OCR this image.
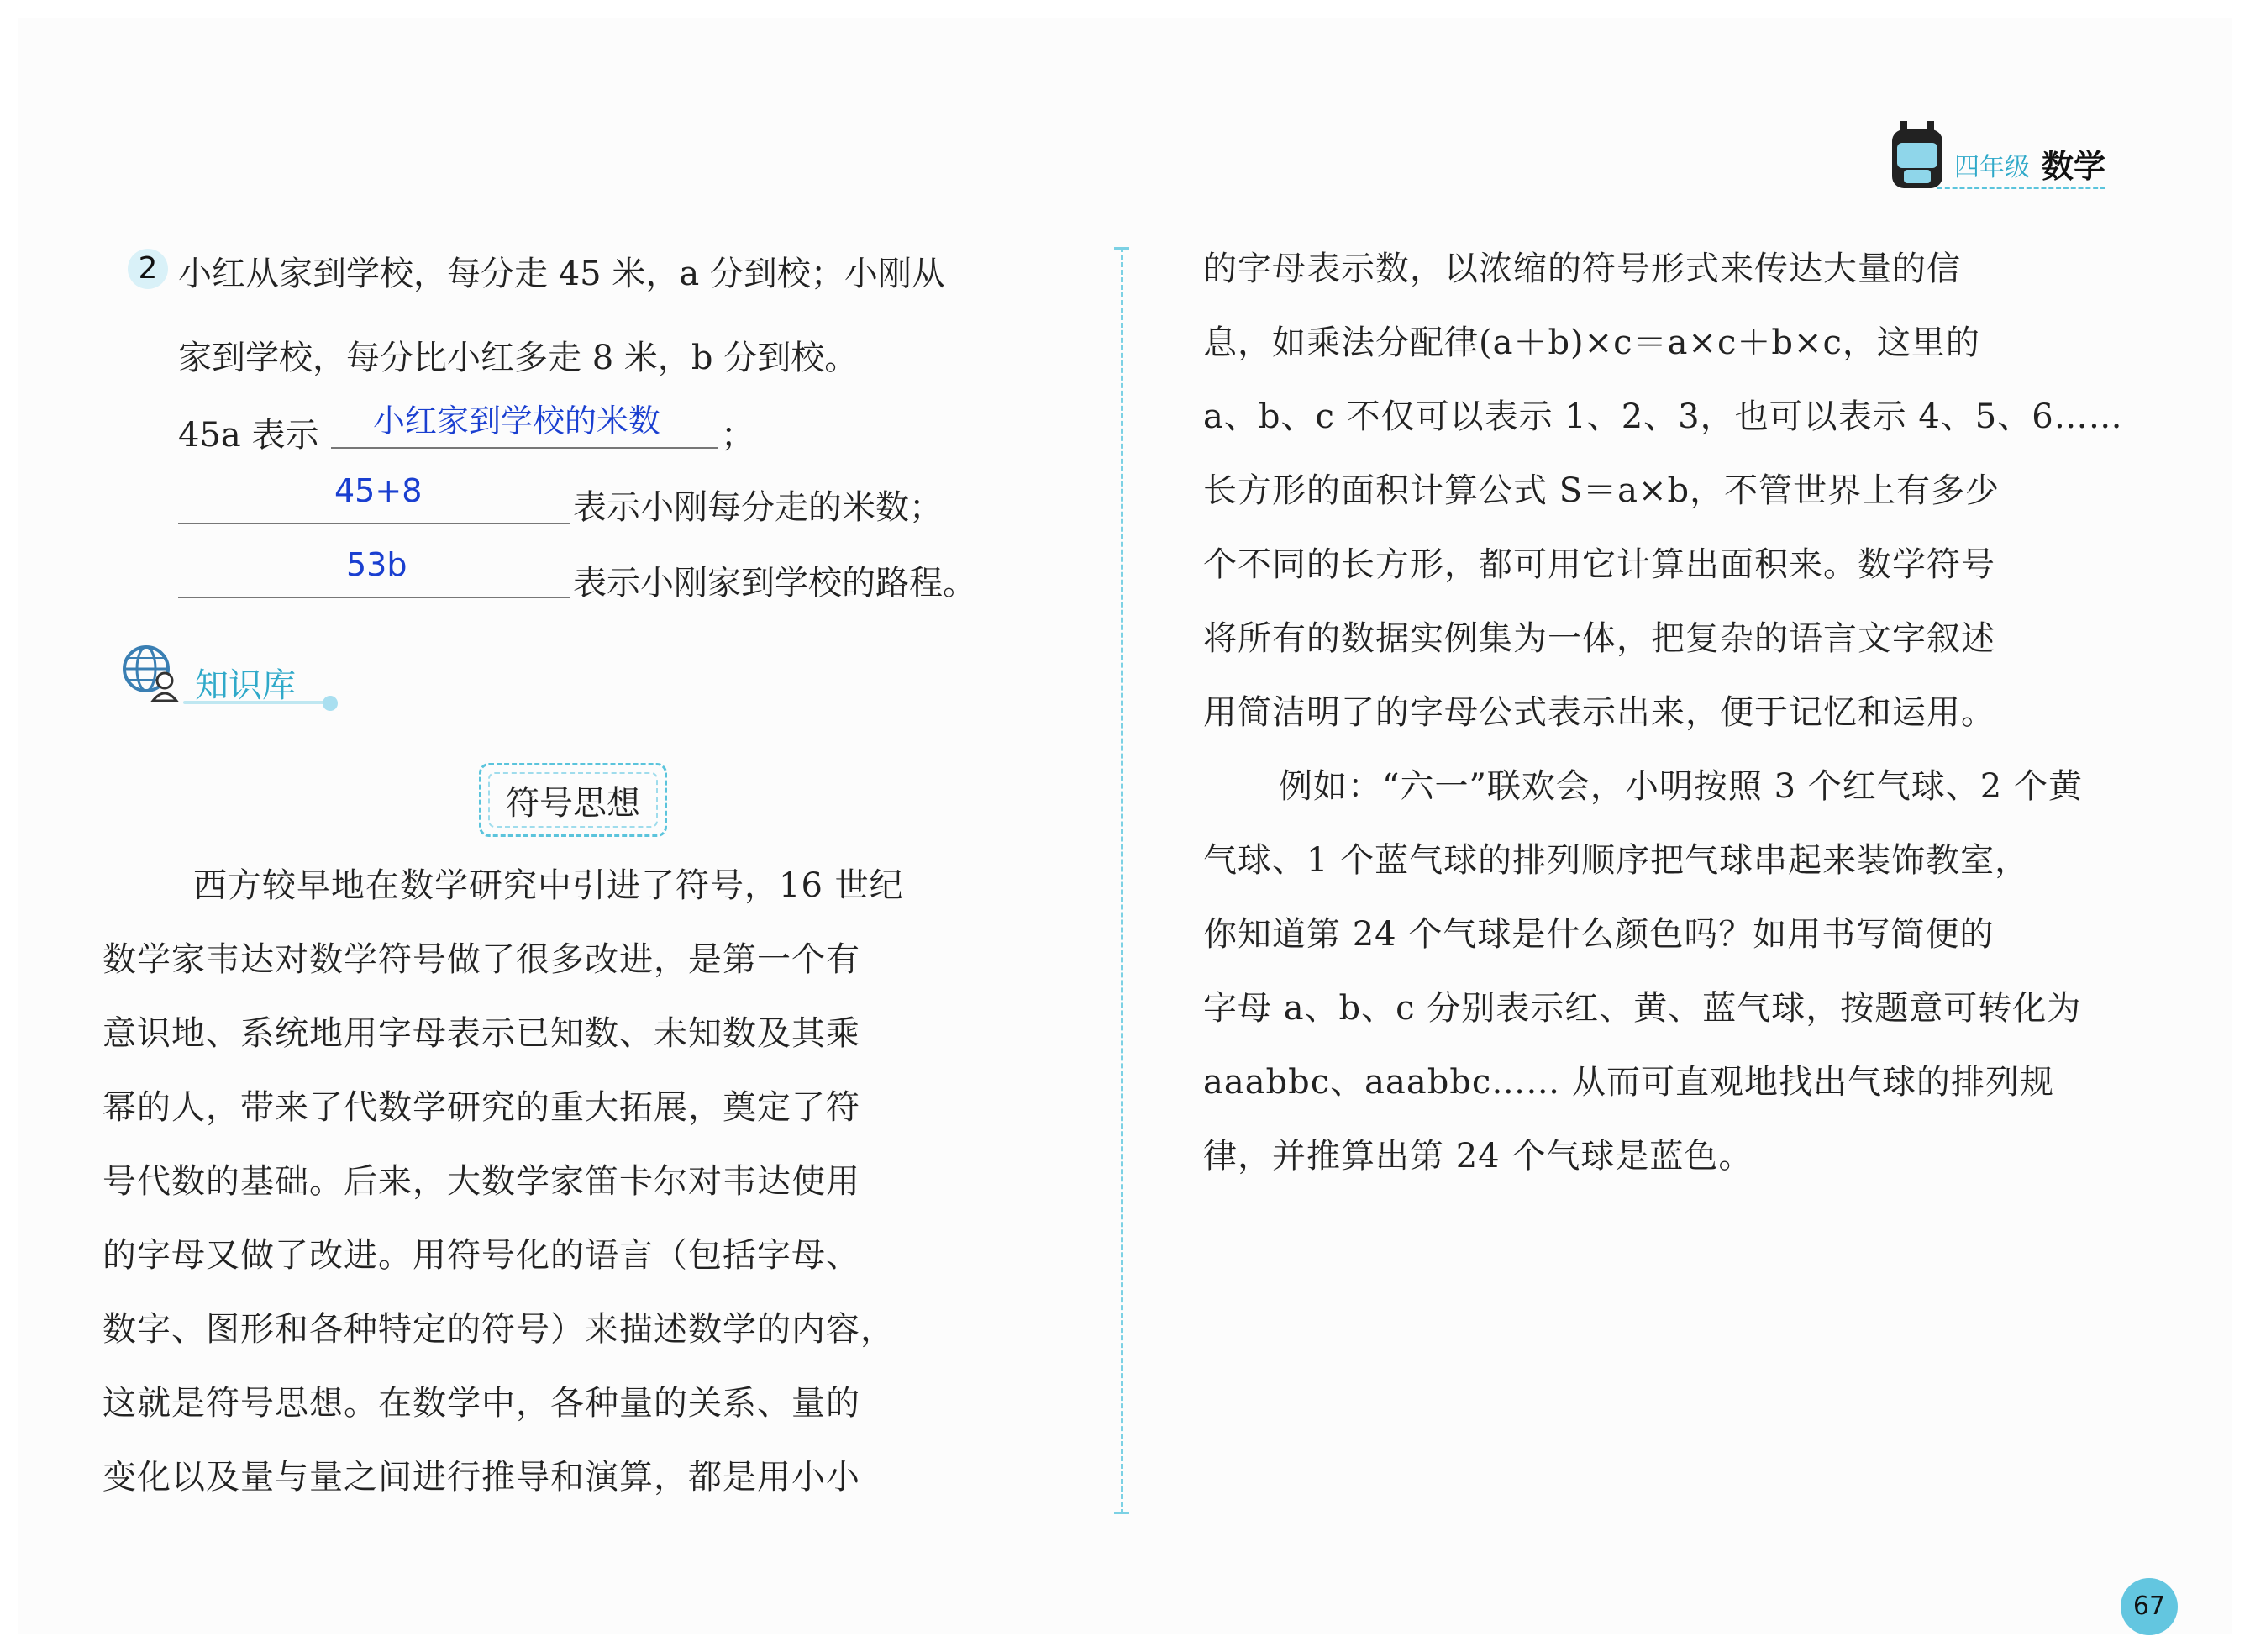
四年级 数学
2 小红从家到学校，每分走 45 米，a 分到校；小刚从
家到学校，每分比小红多走 8 米，b 分到校。
45a 表示 小红家到学校的米数 ；
45+8	表示小刚每分走的米数；
53b	表示小刚家到学校的路程。
知识库
符号思想
西方较早地在数学研究中引进了符号，16 世纪
数学家韦达对数学符号做了很多改进，是第一个有
意识地、系统地用字母表示已知数、未知数及其乘
幂的人，带来了代数学研究的重大拓展，奠定了符
号代数的基础。后来，大数学家笛卡尔对韦达使用
的字母又做了改进。用符号化的语言（包括字母、
数字、图形和各种特定的符号）来描述数学的内容，
这就是符号思想。在数学中，各种量的关系、量的
变化以及量与量之间进行推导和演算，都是用小小
的字母表示数，以浓缩的符号形式来传达大量的信
息，如乘法分配律(a＋b)×c＝a×c＋b×c，这里的
a、b、c 不仅可以表示 1、2、3，也可以表示 4、5、6……
长方形的面积计算公式 S＝a×b，不管世界上有多少
个不同的长方形，都可用它计算出面积来。数学符号
将所有的数据实例集为一体，把复杂的语言文字叙述
用简洁明了的字母公式表示出来，便于记忆和运用。
例如：“六一”联欢会，小明按照 3 个红气球、2 个黄
气球、1 个蓝气球的排列顺序把气球串起来装饰教室，
你知道第 24 个气球是什么颜色吗？如用书写简便的
字母 a、b、c 分别表示红、黄、蓝气球，按题意可转化为
aaabbc、aaabbc…… 从而可直观地找出气球的排列规
律，并推算出第 24 个气球是蓝色。
67
